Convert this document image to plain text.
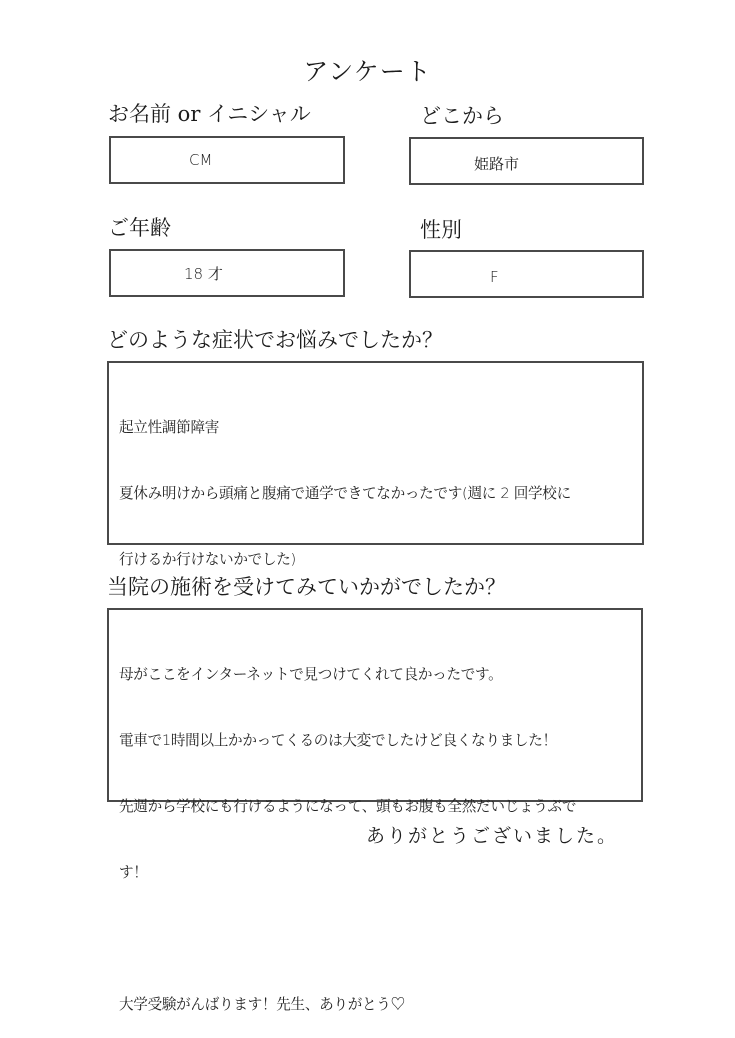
アンケート
お名前 or イニシャル
CM
どこから
姫路市
ご年齢
18 才
性別
F
どのような症状でお悩みでしたか？

起立性調節障害

夏休み明けから頭痛と腹痛で通学できてなかったです(週に 2 回学校に

行けるか行けないかでした)

当院の施術を受けてみていかがでしたか？

母がここをインターネットで見つけてくれて良かったです。

電車で1時間以上かかってくるのは大変でしたけど良くなりました！

先週から学校にも行けるようになって、頭もお腹も全然だいじょうぶで

す！

大学受験がんばります！先生、ありがとう♡

ありがとうございました。
